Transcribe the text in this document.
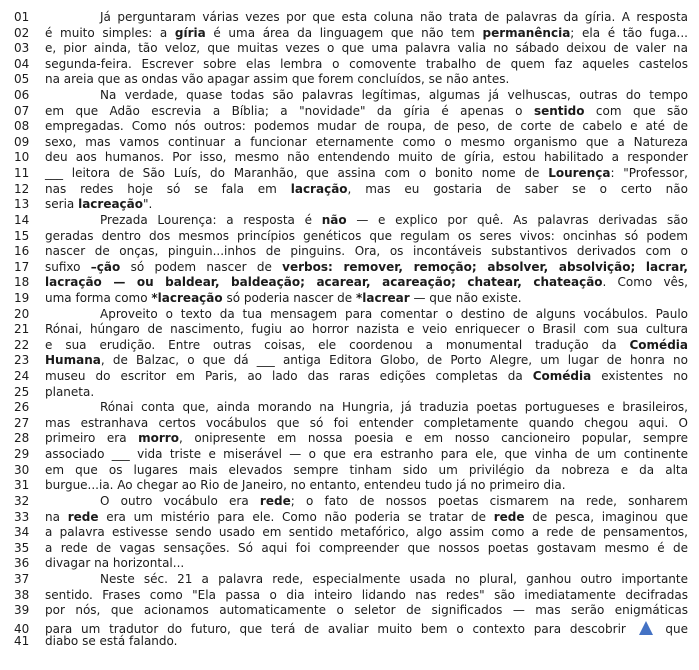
01	Já perguntaram várias vezes por que esta coluna não trata de palavras da gíria. A resposta
02	é muito simples: a gíria é uma área da linguagem que não tem permanência; ela é tão fuga...
03	e, pior ainda, tão veloz, que muitas vezes o que uma palavra valia no sábado deixou de valer na
04	segunda-feira. Escrever sobre elas lembra o comovente trabalho de quem faz aqueles castelos
05	na areia que as ondas vão apagar assim que forem concluídos, se não antes.
06	Na verdade, quase todas são palavras legítimas, algumas já velhuscas, outras do tempo
07	em que Adão escrevia a Bíblia; a "novidade" da gíria é apenas o sentido com que são
08	empregadas. Como nós outros: podemos mudar de roupa, de peso, de corte de cabelo e até de
09	sexo, mas vamos continuar a funcionar eternamente como o mesmo organismo que a Natureza
10	deu aos humanos. Por isso, mesmo não entendendo muito de gíria, estou habilitado a responder
11	___ leitora de São Luís, do Maranhão, que assina com o bonito nome de Lourença: "Professor,
12	nas redes hoje só se fala em lacração, mas eu gostaria de saber se o certo não
13	seria lacreação".
14	Prezada Lourença: a resposta é não — e explico por quê. As palavras derivadas são
15	geradas dentro dos mesmos princípios genéticos que regulam os seres vivos: oncinhas só podem
16	nascer de onças, pinguin...inhos de pinguins. Ora, os incontáveis substantivos derivados com o
17	sufixo –ção só podem nascer de verbos: remover, remoção; absolver, absolvição; lacrar,
18	lacração — ou baldear, baldeação; acarear, acareação; chatear, chateação. Como vês,
19	uma forma como *lacreação só poderia nascer de *lacrear — que não existe.
20	Aproveito o texto da tua mensagem para comentar o destino de alguns vocábulos. Paulo
21	Rónai, húngaro de nascimento, fugiu ao horror nazista e veio enriquecer o Brasil com sua cultura
22	e sua erudição. Entre outras coisas, ele coordenou a monumental tradução da Comédia
23	Humana, de Balzac, o que dá ___ antiga Editora Globo, de Porto Alegre, um lugar de honra no
24	museu do escritor em Paris, ao lado das raras edições completas da Comédia existentes no
25	planeta.
26	Rónai conta que, ainda morando na Hungria, já traduzia poetas portugueses e brasileiros,
27	mas estranhava certos vocábulos que só foi entender completamente quando chegou aqui. O
28	primeiro era morro, onipresente em nossa poesia e em nosso cancioneiro popular, sempre
29	associado ___ vida triste e miserável — o que era estranho para ele, que vinha de um continente
30	em que os lugares mais elevados sempre tinham sido um privilégio da nobreza e da alta
31	burgue...ia. Ao chegar ao Rio de Janeiro, no entanto, entendeu tudo já no primeiro dia.
32	O outro vocábulo era rede; o fato de nossos poetas cismarem na rede, sonharem
33	na rede era um mistério para ele. Como não poderia se tratar de rede de pesca, imaginou que
34	a palavra estivesse sendo usado em sentido metafórico, algo assim como a rede de pensamentos,
35	a rede de vagas sensações. Só aqui foi compreender que nossos poetas gostavam mesmo é de
36	divagar na horizontal...
37	Neste séc. 21 a palavra rede, especialmente usada no plural, ganhou outro importante
38	sentido. Frases como "Ela passa o dia inteiro lidando nas redes" são imediatamente decifradas
39	por nós, que acionamos automaticamente o seletor de significados — mas serão enigmáticas
40	para um tradutor do futuro, que terá de avaliar muito bem o contexto para descobrir  que
41	diabo se está falando.
